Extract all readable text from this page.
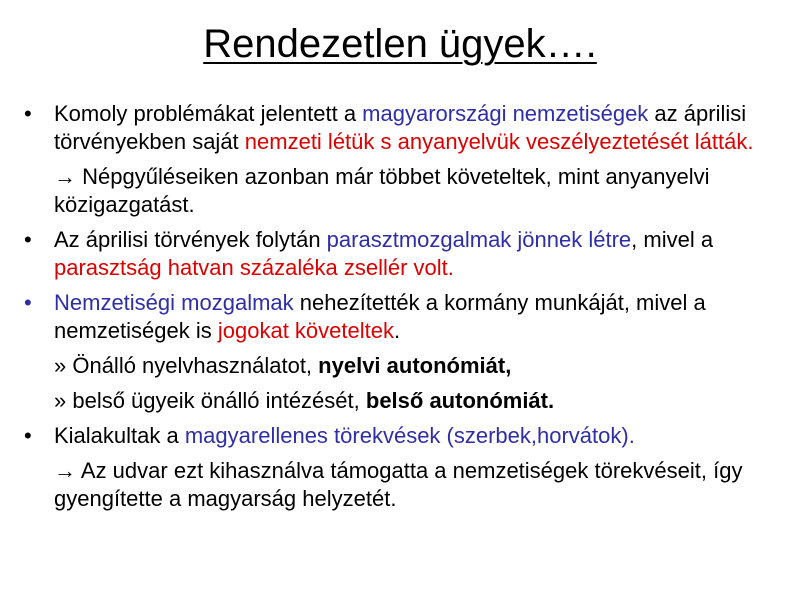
Rendezetlen ügyek….
• Komoly problémákat jelentett a magyarországi nemzetiségek az áprilisi törvényekben saját nemzeti létük s anyanyelvük veszélyeztetését látták.
→ Népgyűléseiken azonban már többet követeltek, mint anyanyelvi közigazgatást.
• Az áprilisi törvények folytán parasztmozgalmak jönnek létre, mivel a parasztság hatvan százaléka zsellér volt.
• Nemzetiségi mozgalmak nehezítették a kormány munkáját, mivel a nemzetiségek is jogokat követeltek.
» Önálló nyelvhasználatot, nyelvi autonómiát,
» belső ügyeik önálló intézését, belső autonómiát.
• Kialakultak a magyarellenes törekvések (szerbek,horvátok).
→ Az udvar ezt kihasználva támogatta a nemzetiségek törekvéseit, így gyengítette a magyarság helyzetét.
